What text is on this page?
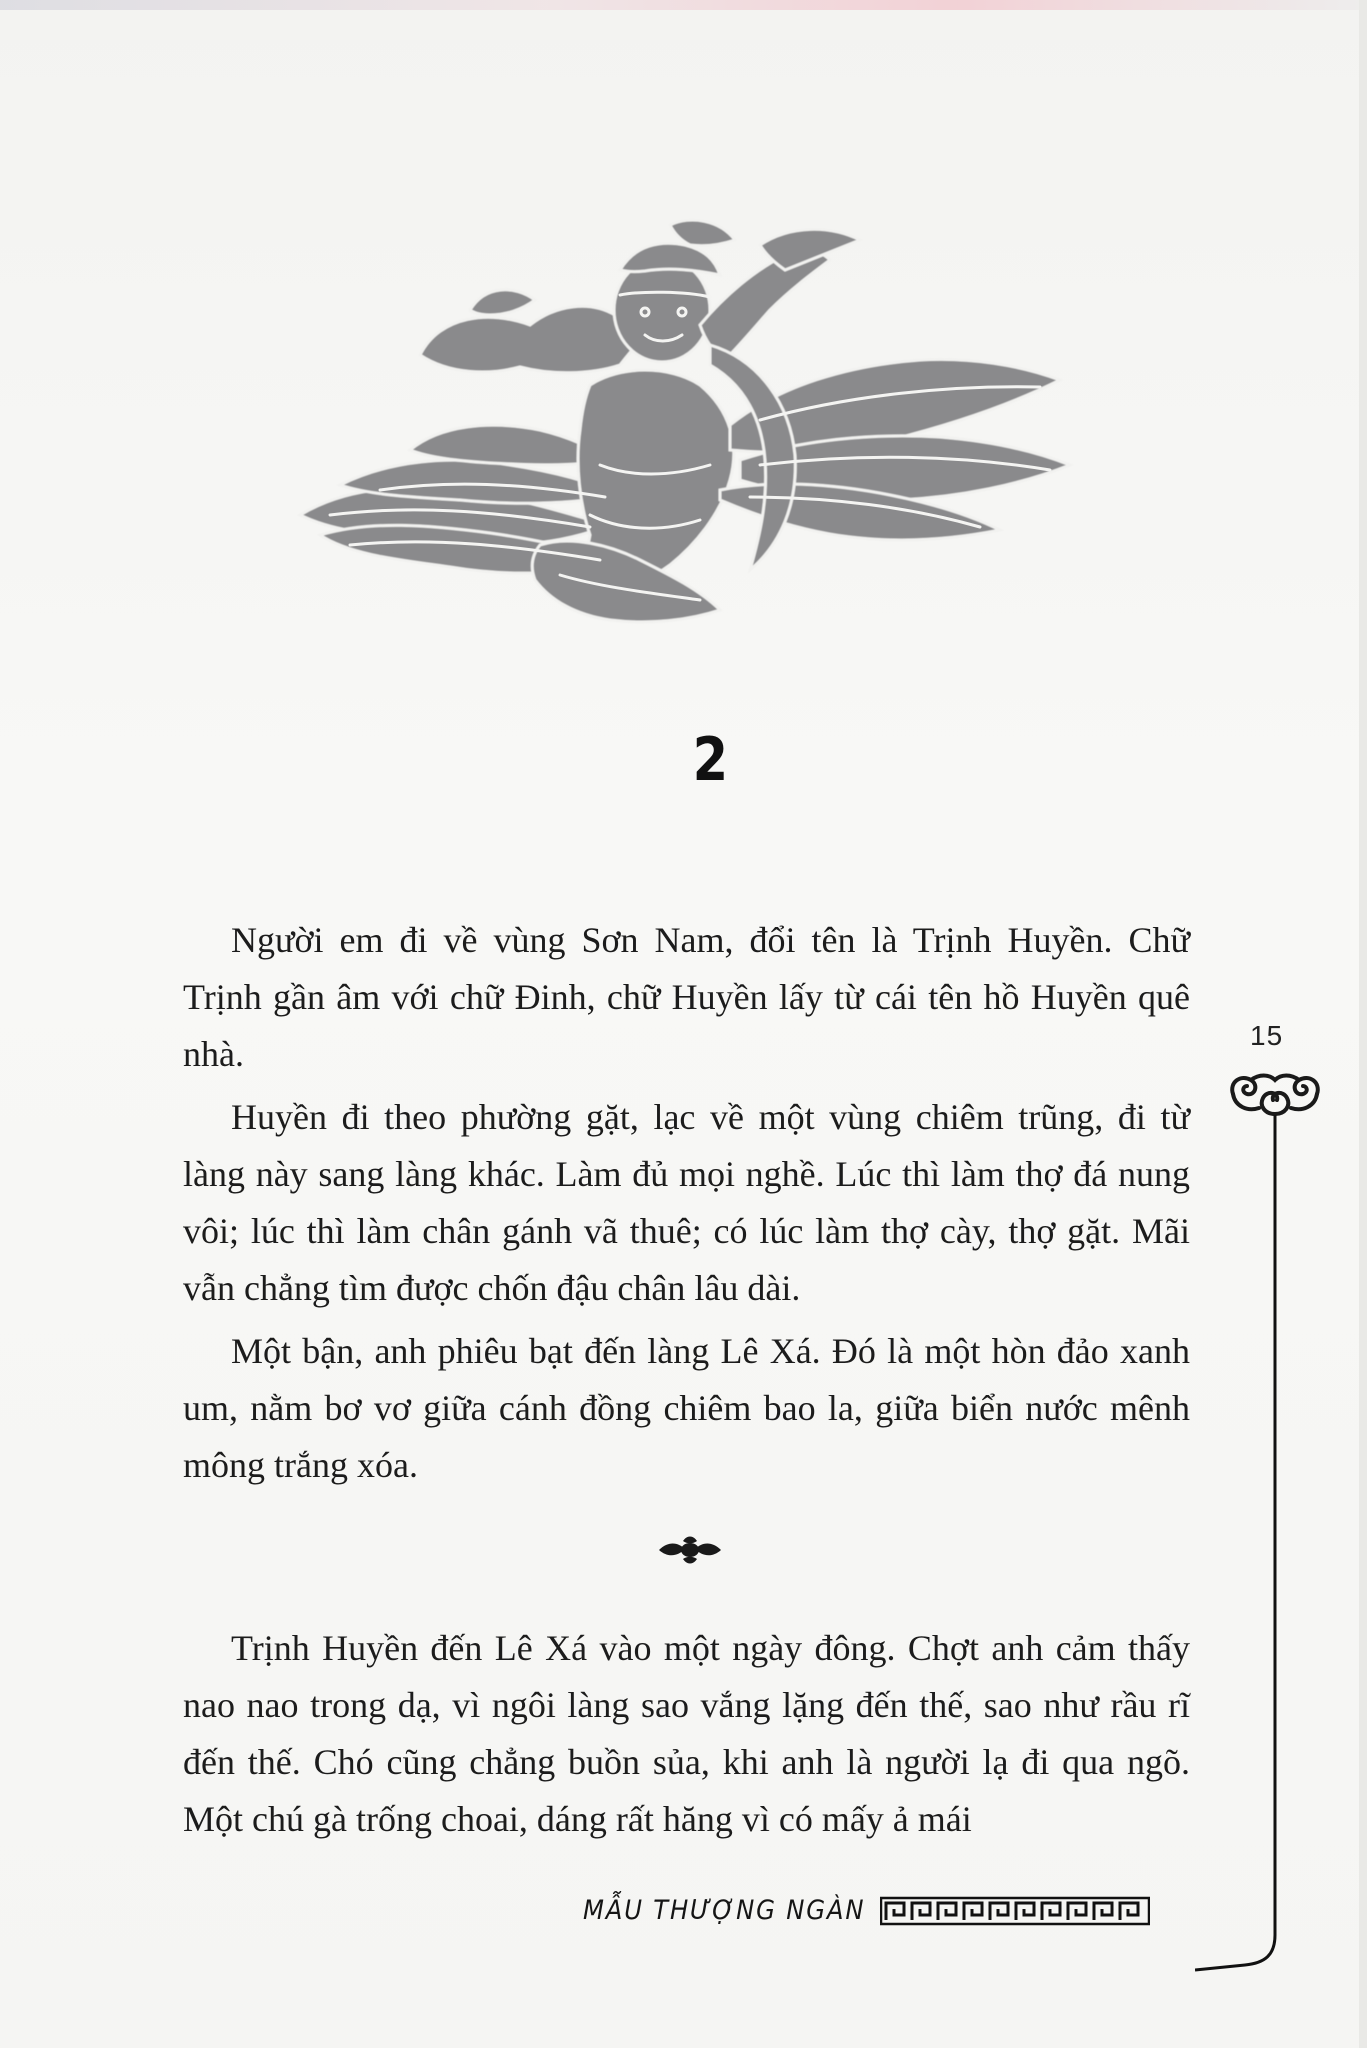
2

Người em đi về vùng Sơn Nam, đổi tên là Trịnh Huyền. Chữ Trịnh gần âm với chữ Đinh, chữ Huyền lấy từ cái tên hồ Huyền quê nhà.

Huyền đi theo phường gặt, lạc về một vùng chiêm trũng, đi từ làng này sang làng khác. Làm đủ mọi nghề. Lúc thì làm thợ đá nung vôi; lúc thì làm chân gánh vã thuê; có lúc làm thợ cày, thợ gặt. Mãi vẫn chẳng tìm được chốn đậu chân lâu dài.

Một bận, anh phiêu bạt đến làng Lê Xá. Đó là một hòn đảo xanh um, nằm bơ vơ giữa cánh đồng chiêm bao la, giữa biển nước mênh mông trắng xóa.

Trịnh Huyền đến Lê Xá vào một ngày đông. Chợt anh cảm thấy nao nao trong dạ, vì ngôi làng sao vắng lặng đến thế, sao như rầu rĩ đến thế. Chó cũng chẳng buồn sủa, khi anh là người lạ đi qua ngõ. Một chú gà trống choai, dáng rất hăng vì có mấy ả mái

15
MẪU THƯỢNG NGÀN
